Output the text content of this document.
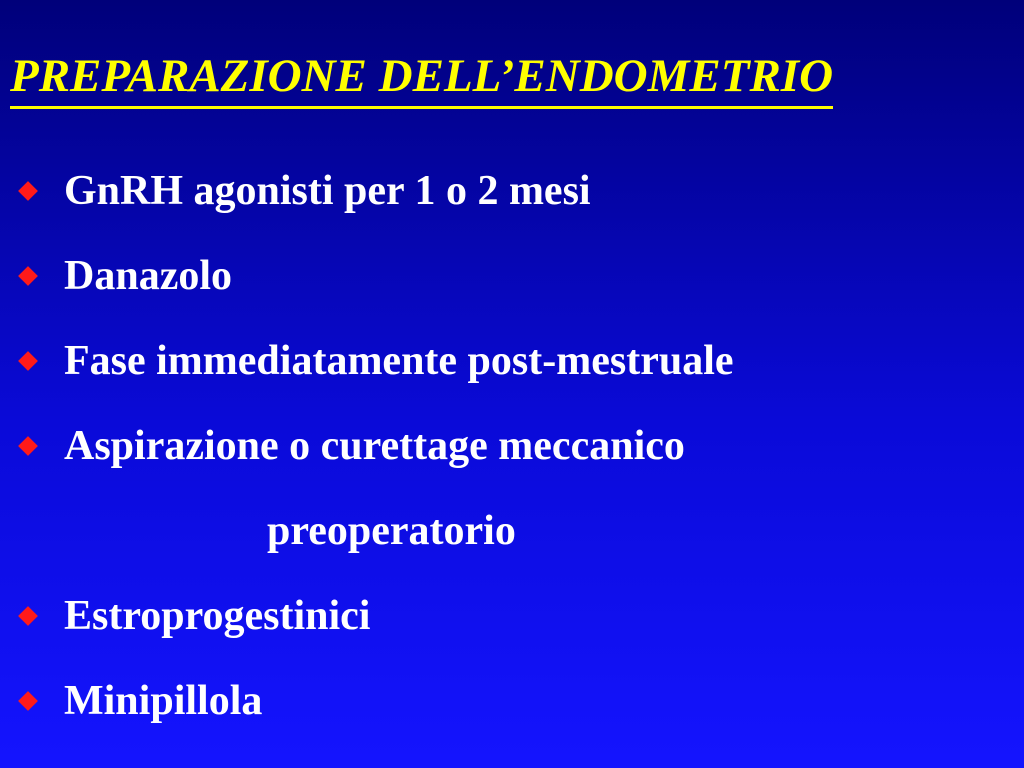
PREPARAZIONE DELL’ENDOMETRIO
GnRH agonisti per 1 o 2 mesi
Danazolo
Fase immediatamente post-mestruale
Aspirazione o curettage meccanico
preoperatorio
Estroprogestinici
Minipillola
